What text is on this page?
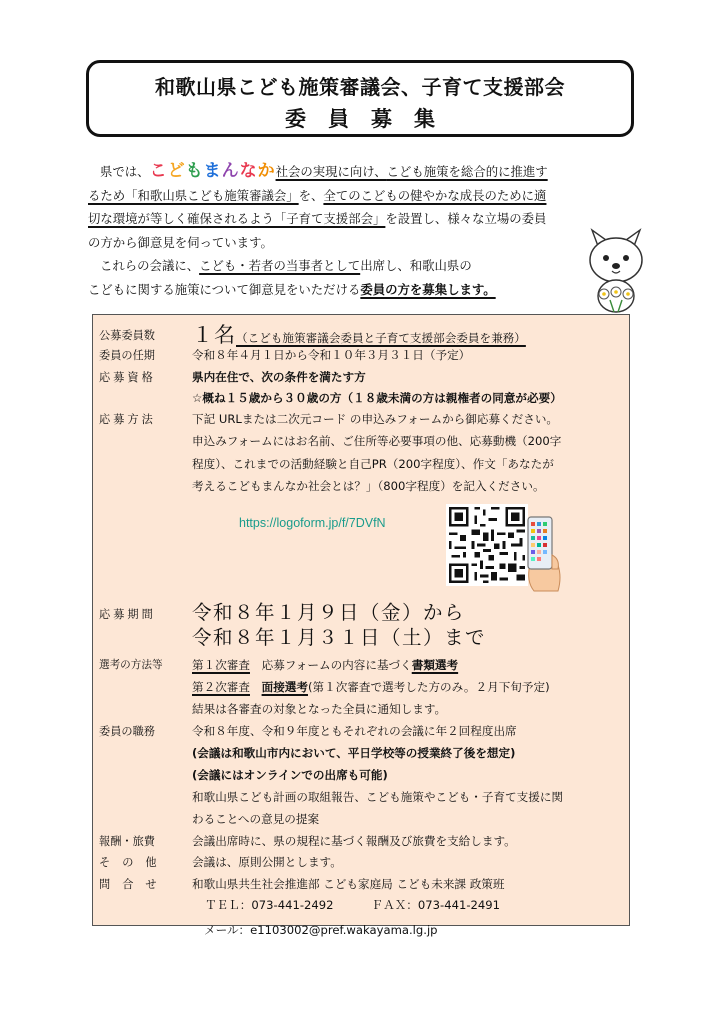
和歌山県こども施策審議会、子育て支援部会
委員募集
県では、こどもまんなか社会の実現に向け、こども施策を総合的に推進す
るため「和歌山県こども施策審議会」を、全てのこどもの健やかな成長のために適
切な環境が等しく確保されるよう「子育て支援部会」を設置し、様々な立場の委員
の方から御意見を伺っています。
これらの会議に、こども・若者の当事者として出席し、和歌山県の
こどもに関する施策について御意見をいただける委員の方を募集します。
公募委員数	１名（こども施策審議会委員と子育て支援部会委員を兼務）
委員の任期	令和８年４月１日から令和１０年３月３１日（予定）
応募資格	県内在住で、次の条件を満たす方
☆概ね１５歳から３０歳の方（１８歳未満の方は親権者の同意が必要）
応募方法	下記 URLまたは二次元コード の申込みフォームから御応募ください。
申込みフォームにはお名前、ご住所等必要事項の他、応募動機（200字
程度）、これまでの活動経験と自己PR（200字程度）、作文「あなたが
考えるこどもまんなか社会とは？」（800字程度）を記入ください。
https://logoform.jp/f/7DVfN
応募期間	令和８年１月９日（金）から
令和８年１月３１日（土）まで
選考の方法等	第１次審査　 応募フォームの内容に基づく書類選考
第２次審査　 面接選考(第１次審査で選考した方のみ。２月下旬予定)
結果は各審査の対象となった全員に通知します。
委員の職務	令和８年度、令和９年度ともそれぞれの会議に年２回程度出席
(会議は和歌山市内において、平日学校等の授業終了後を想定)
(会議にはオンラインでの出席も可能)
和歌山県こども計画の取組報告、こども施策やこども・子育て支援に関
わることへの意見の提案
報酬・旅費	会議出席時に、県の規程に基づく報酬及び旅費を支給します。
その他	会議は、原則公開とします。
問合せ	和歌山県共生社会推進部 こども家庭局 こども未来課 政策班
ＴＥＬ：073-441-2492	ＦＡＸ：073-441-2491
メール：e1103002@pref.wakayama.lg.jp
